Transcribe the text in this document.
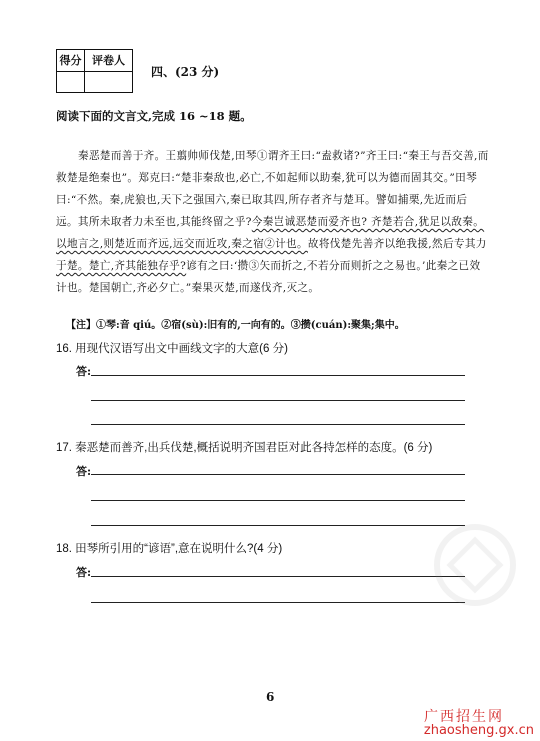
得分 评卷人
四、(23 分)
阅读下面的文言文,完成 16 ~18 题。
秦恶楚而善于齐。王翦帅师伐楚,田琴①谓齐王曰:“盍救诸?”齐王曰:“秦王与吾交善,而
救楚是绝秦也”。郑克曰:“楚非秦敌也,必亡,不如起师以助秦,犹可以为德而固其交。”田琴
曰:“不然。秦,虎狼也,天下之强国六,秦已取其四,所存者齐与楚耳。譬如捕栗,先近而后
远。其所未取者力未至也,其能终留之乎?今秦岂诚恶楚而爱齐也? 齐楚若合,犹足以敌秦。
以地言之,则楚近而齐远,远交而近攻,秦之宿②计也。故将伐楚先善齐以绝我援,然后专其力
于楚。楚亡,齐其能独存乎?谚有之曰:‘攒③矢而折之,不若分而则折之之易也。’此秦之已效
计也。楚国朝亡,齐必夕亡。”秦果灭楚,而遂伐齐,灭之。
【注】①琴:音 qiú。②宿(sù):旧有的,一向有的。③攒(cuán):聚集;集中。
16. 用现代汉语写出文中画线文字的大意(6 分)
答:
17. 秦恶楚而善齐,出兵伐楚,概括说明齐国君臣对此各持怎样的态度。(6 分)
答:
18. 田琴所引用的“谚语”,意在说明什么?(4 分)
答:
6
广西招生网
zhaosheng.gx.cn
